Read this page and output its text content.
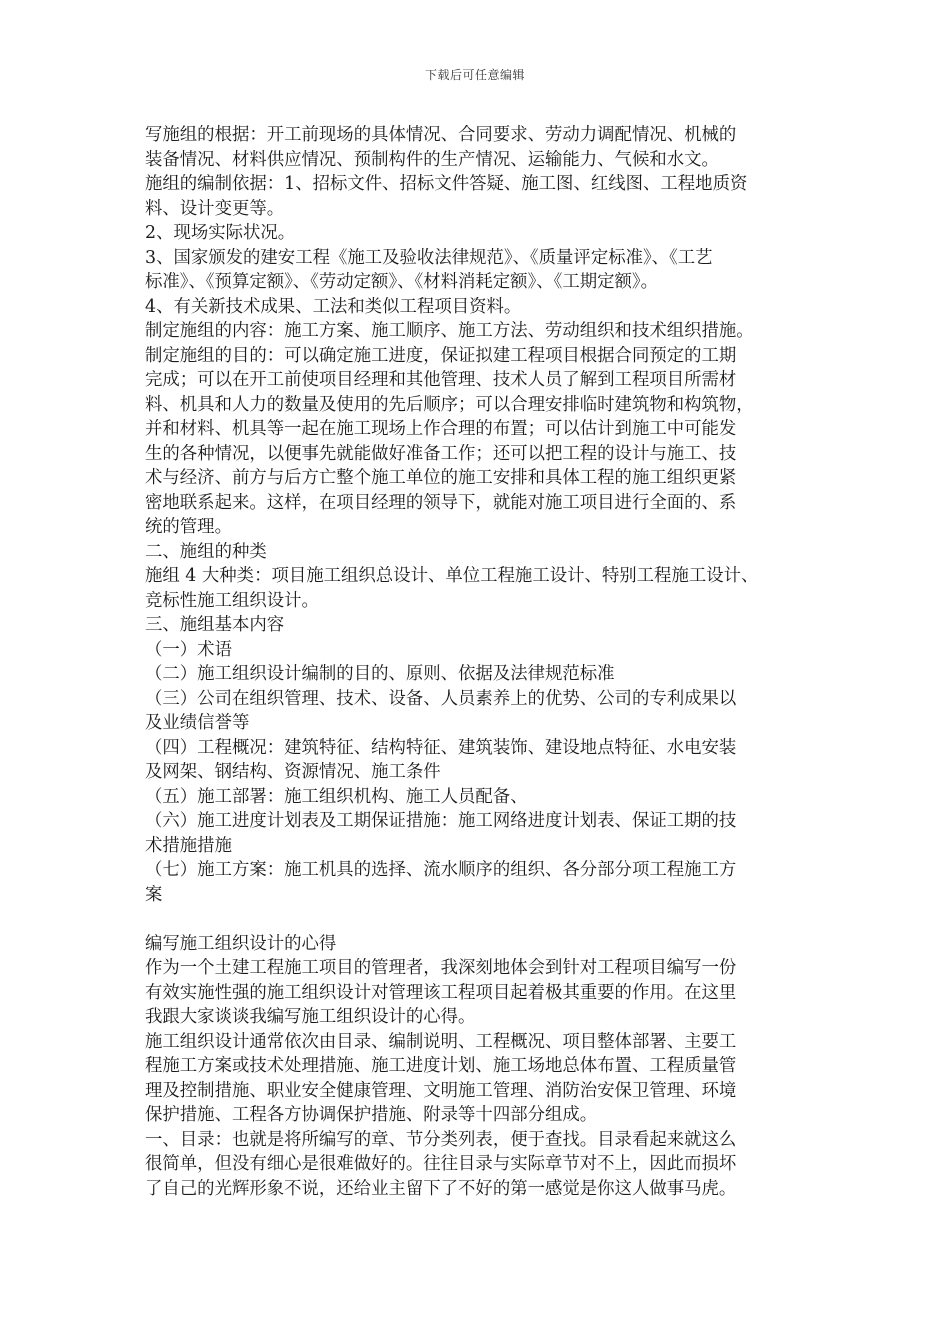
下载后可任意编辑
写施组的根据：开工前现场的具体情况、合同要求、劳动力调配情况、机械的
装备情况、材料供应情况、预制构件的生产情况、运输能力、气候和水文。
施组的编制依据：1、招标文件、招标文件答疑、施工图、红线图、工程地质资
料、设计变更等。
2、现场实际状况。
3、国家颁发的建安工程《施工及验收法律规范》、《质量评定标准》、《工艺
标准》、《预算定额》、《劳动定额》、《材料消耗定额》、《工期定额》。
4、有关新技术成果、工法和类似工程项目资料。
制定施组的内容：施工方案、施工顺序、施工方法、劳动组织和技术组织措施。
制定施组的目的：可以确定施工进度，保证拟建工程项目根据合同预定的工期
完成；可以在开工前使项目经理和其他管理、技术人员了解到工程项目所需材
料、机具和人力的数量及使用的先后顺序；可以合理安排临时建筑物和构筑物，
并和材料、机具等一起在施工现场上作合理的布置；可以估计到施工中可能发
生的各种情况，以便事先就能做好准备工作；还可以把工程的设计与施工、技
术与经济、前方与后方亡整个施工单位的施工安排和具体工程的施工组织更紧
密地联系起来。这样，在项目经理的领导下，就能对施工项目进行全面的、系
统的管理。
二、施组的种类
施组 4 大种类：项目施工组织总设计、单位工程施工设计、特别工程施工设计、
竞标性施工组织设计。
三、施组基本内容
（一）术语
（二）施工组织设计编制的目的、原则、依据及法律规范标准
（三）公司在组织管理、技术、设备、人员素养上的优势、公司的专利成果以
及业绩信誉等
（四）工程概况：建筑特征、结构特征、建筑装饰、建设地点特征、水电安装
及网架、钢结构、资源情况、施工条件
（五）施工部署：施工组织机构、施工人员配备、
（六）施工进度计划表及工期保证措施：施工网络进度计划表、保证工期的技
术措施措施
（七）施工方案：施工机具的选择、流水顺序的组织、各分部分项工程施工方
案
编写施工组织设计的心得
作为一个土建工程施工项目的管理者，我深刻地体会到针对工程项目编写一份
有效实施性强的施工组织设计对管理该工程项目起着极其重要的作用。在这里
我跟大家谈谈我编写施工组织设计的心得。
施工组织设计通常依次由目录、编制说明、工程概况、项目整体部署、主要工
程施工方案或技术处理措施、施工进度计划、施工场地总体布置、工程质量管
理及控制措施、职业安全健康管理、文明施工管理、消防治安保卫管理、环境
保护措施、工程各方协调保护措施、附录等十四部分组成。
一、目录：也就是将所编写的章、节分类列表，便于查找。目录看起来就这么
很简单，但没有细心是很难做好的。往往目录与实际章节对不上，因此而损坏
了自己的光辉形象不说，还给业主留下了不好的第一感觉是你这人做事马虎。
